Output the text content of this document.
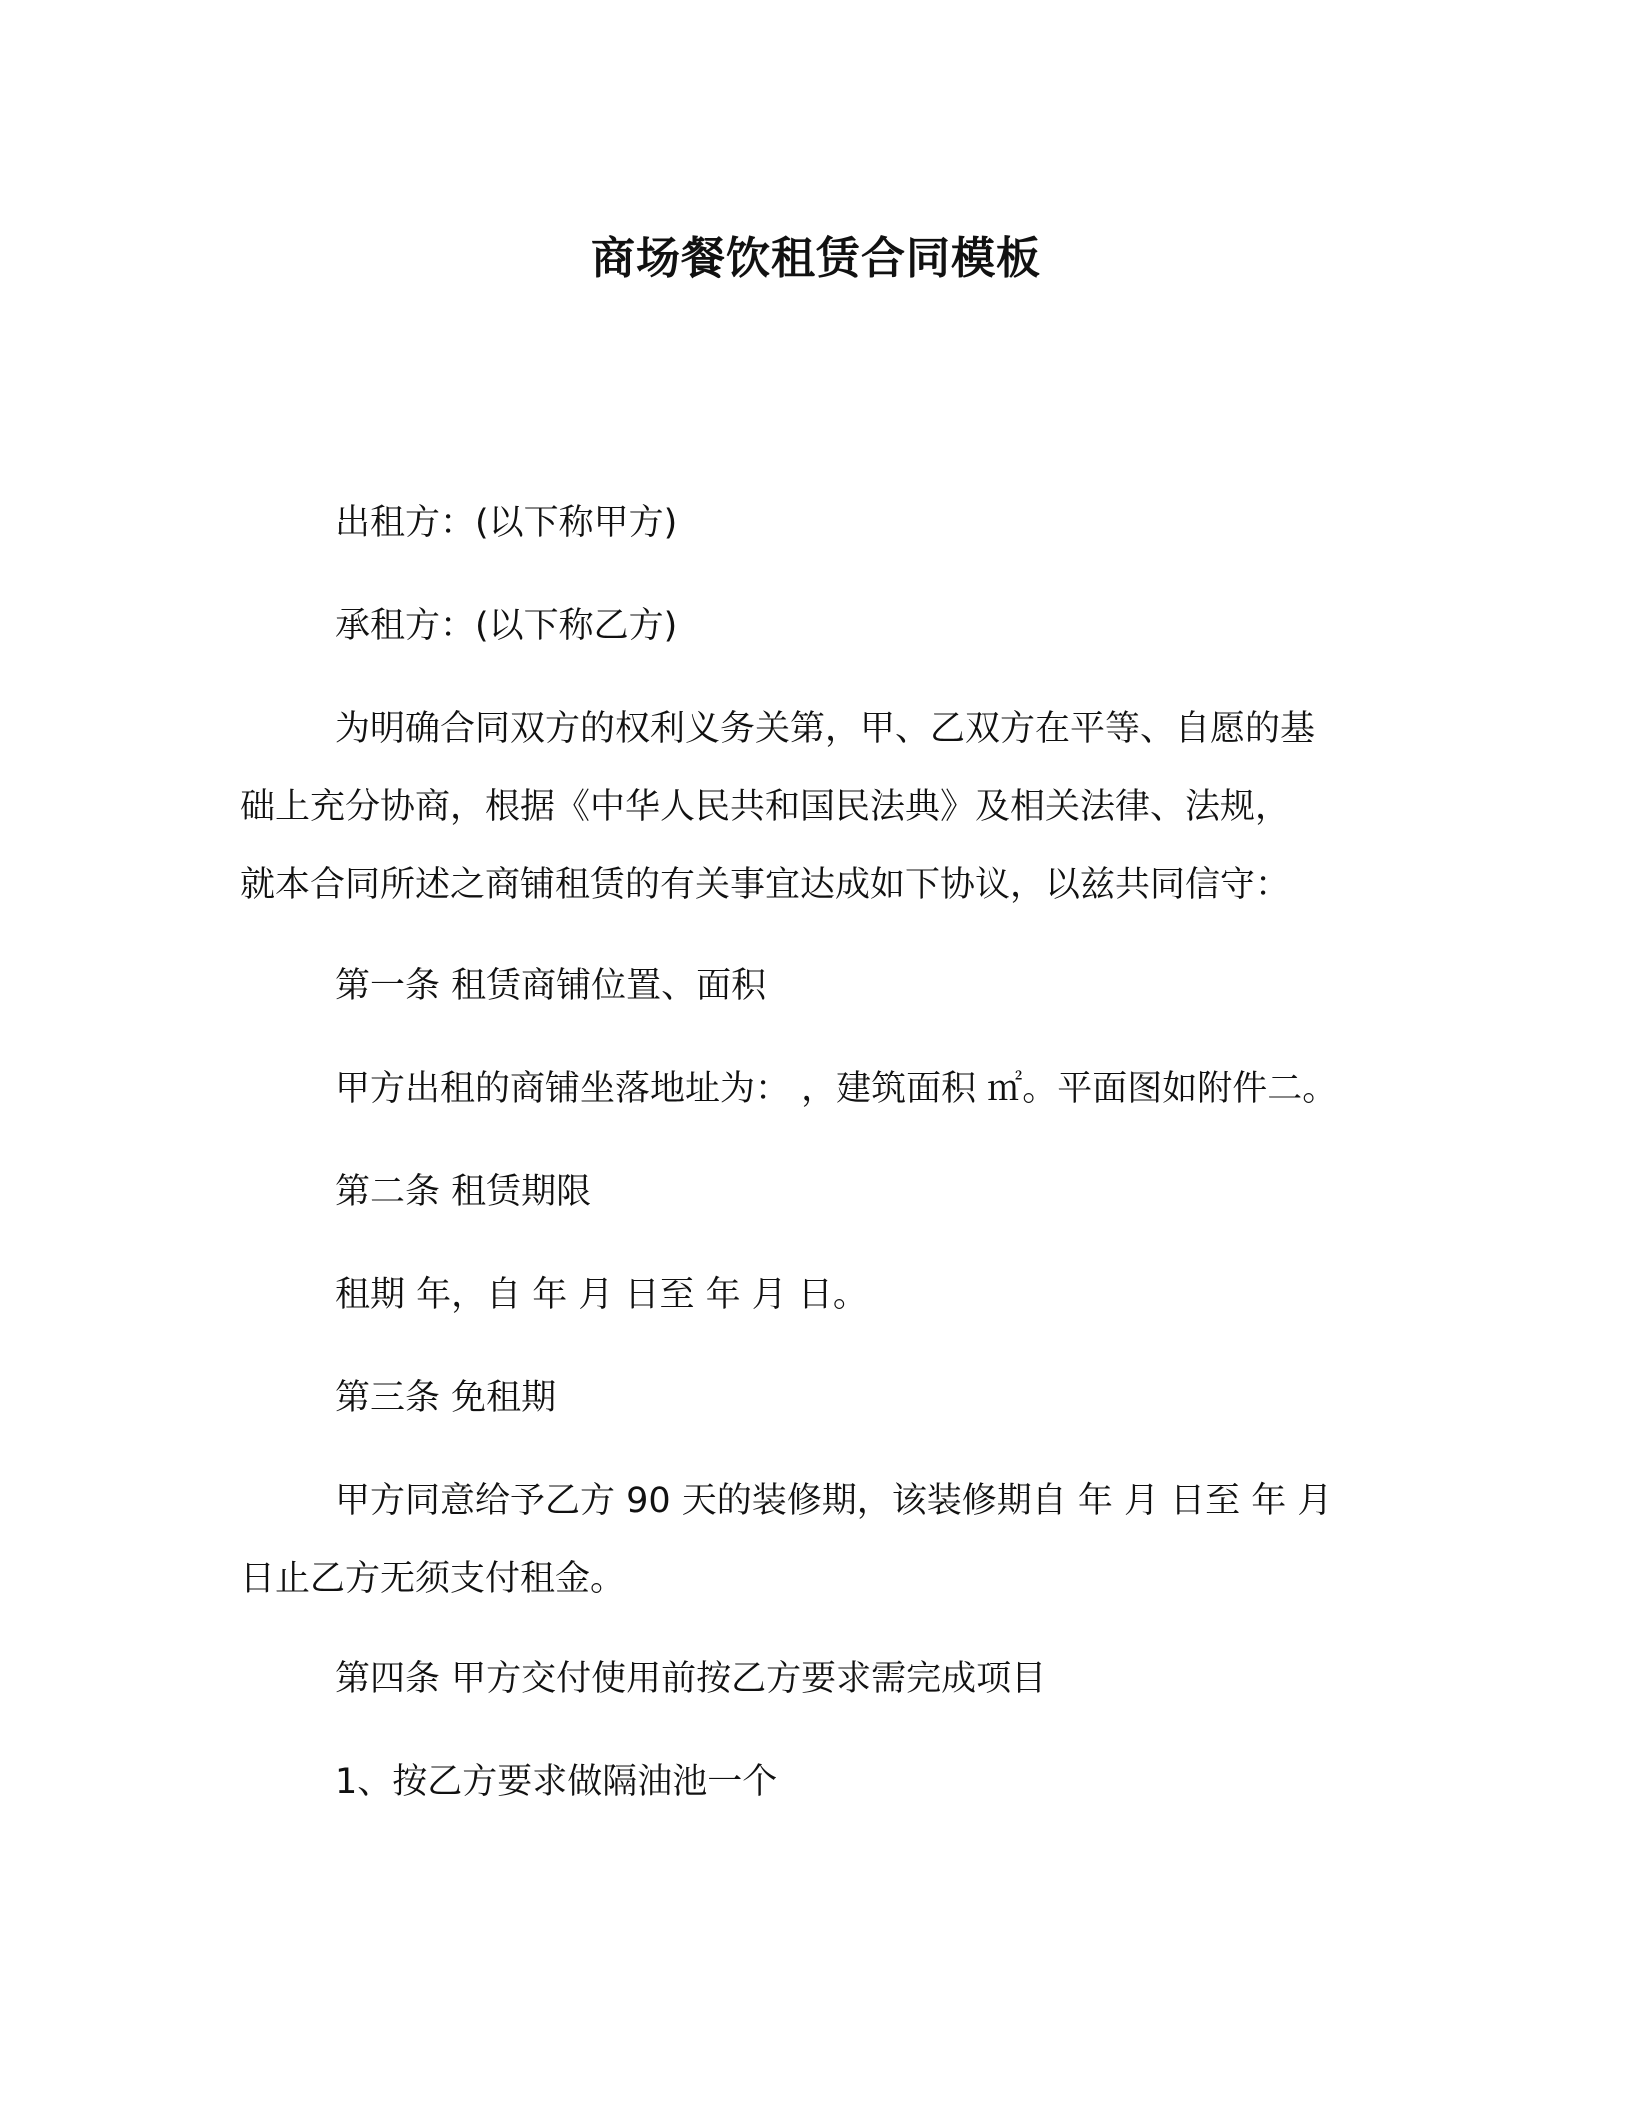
商场餐饮租赁合同模板
出租方：(以下称甲方)
承租方：(以下称乙方)
为明确合同双方的权利义务关第，甲、乙双方在平等、自愿的基
础上充分协商，根据《中华人民共和国民法典》及相关法律、法规，
就本合同所述之商铺租赁的有关事宜达成如下协议，以兹共同信守：
第一条 租赁商铺位置、面积
甲方出租的商铺坐落地址为： ，建筑面积 ㎡。平面图如附件二。
第二条 租赁期限
租期 年，自 年 月 日至 年 月 日。
第三条 免租期
甲方同意给予乙方 90 天的装修期，该装修期自 年 月 日至 年 月
日止乙方无须支付租金。
第四条 甲方交付使用前按乙方要求需完成项目
1、按乙方要求做隔油池一个
